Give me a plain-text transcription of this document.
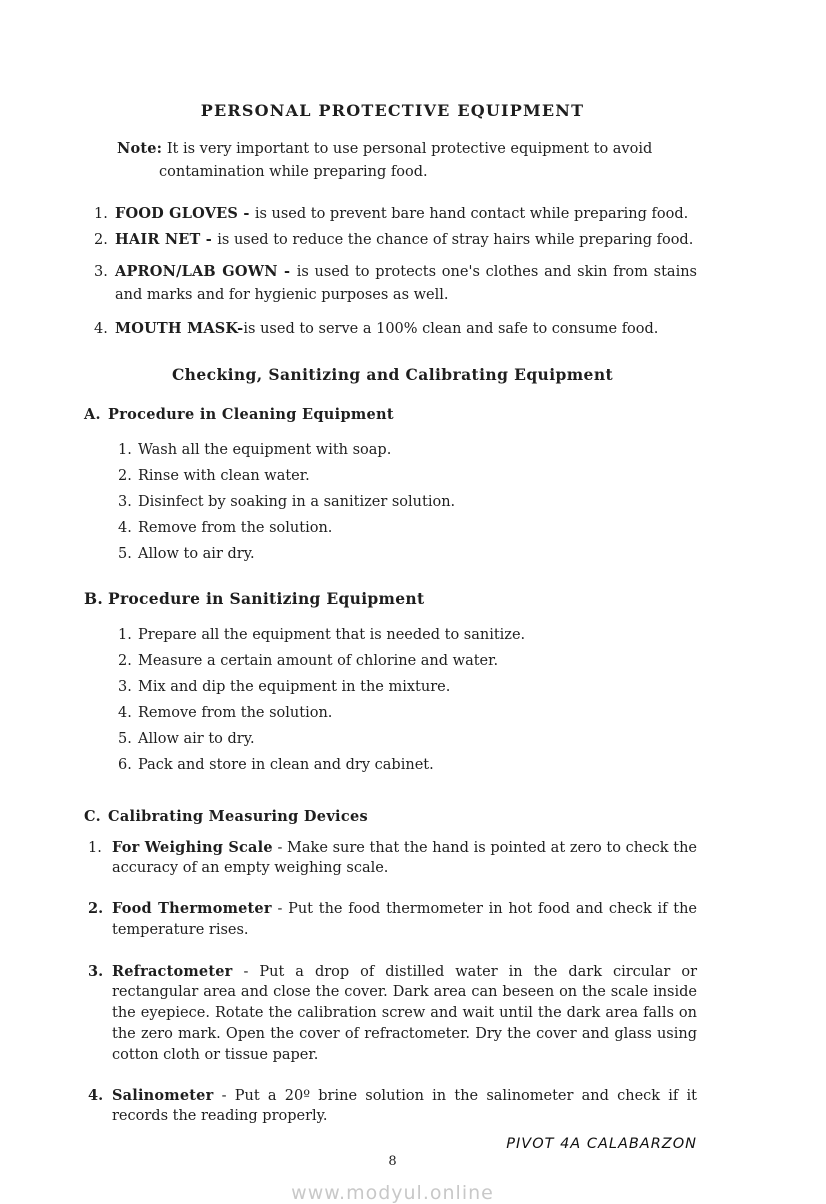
PERSONAL PROTECTIVE EQUIPMENT
Note: It is very important to use personal protective equipment to avoid contamination while preparing food.
1. FOOD GLOVES - is used to prevent bare hand contact while preparing food.
2. HAIR NET - is used to reduce the chance of stray hairs while preparing food.
3. APRON/LAB GOWN - is used to protects one's clothes and skin from stains and marks and for hygienic purposes as well.
4. MOUTH MASK-is used to serve a 100% clean and safe to consume food.
Checking, Sanitizing and Calibrating Equipment
A. Procedure in Cleaning Equipment
1. Wash all the equipment with soap.
2. Rinse with clean water.
3. Disinfect by soaking in a sanitizer solution.
4. Remove from the solution.
5. Allow to air dry.
B. Procedure in Sanitizing Equipment
1. Prepare all the equipment that is needed to sanitize.
2. Measure a certain amount of chlorine and water.
3. Mix and dip the equipment in the mixture.
4. Remove from the solution.
5. Allow air to dry.
6. Pack and store in clean and dry cabinet.
C. Calibrating Measuring Devices
1. For Weighing Scale - Make sure that the hand is pointed at zero to check the accuracy of an empty weighing scale.
2. Food Thermometer - Put the food thermometer in hot food and check if the temperature rises.
3. Refractometer - Put a drop of distilled water in the dark circular or rectangular area and close the cover. Dark area can beseen on the scale inside the eyepiece. Rotate the calibration screw and wait until the dark area falls on the zero mark. Open the cover of refractometer. Dry the cover and glass using cotton cloth or tissue paper.
4. Salinometer - Put a 20º brine solution in the salinometer and check if it records the reading properly.
PIVOT 4A CALABARZON
8
www.modyul.online
